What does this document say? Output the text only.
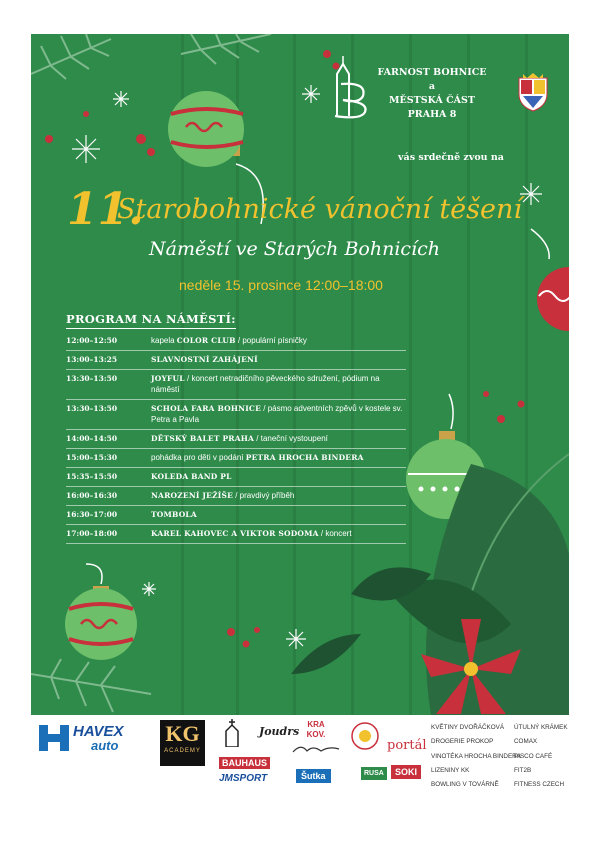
FARNOST BOHNICE
a
MĚSTSKÁ ČÁST
PRAHA 8
vás srdečně zvou na
11.
Starobohnické vánoční těšení
Náměstí ve Starých Bohnicích
neděle 15. prosince 12:00–18:00
PROGRAM NA NÁMĚSTÍ:
12:00–12:50	kapela COLOR CLUB / populární písničky
13:00–13:25	SLAVNOSTNÍ ZAHÁJENÍ
13:30–13:50	JOYFUL / koncert netradičního pěveckého sdružení, pódium na náměstí
13:30–13:50	SCHOLA FARA BOHNICE / pásmo adventních zpěvů v kostele sv. Petra a Pavla
14:00–14:50	DĚTSKÝ BALET PRAHA / taneční vystoupení
15:00–15:30	pohádka pro děti v podání PETRA HROCHA BINDERA
15:35–15:50	KOLEDA BAND PL
16:00–16:30	NAROZENÍ JEŽÍŠE / pravdivý příběh
16:30–17:00	TOMBOLA
17:00–18:00	KAREL KAHOVEC A VIKTOR SODOMA / koncert
HAVEX
auto KG
ACADEMY
Joudrs
KRA KOV.
portál
BAUHAUS
JMSPORT	Šutka	RUSA	SOKI
KVĚTINY DVOŘÁČKOVÁ
DROGERIE PROKOP
VINOTÉKA HROCHA BINDERA
LIZENINY KK
BOWLING V TOVÁRNĚ
ÚTULNÝ KRÁMEK
COMAX
PISCO CAFÉ
FIT2B
FITNESS CZECH
